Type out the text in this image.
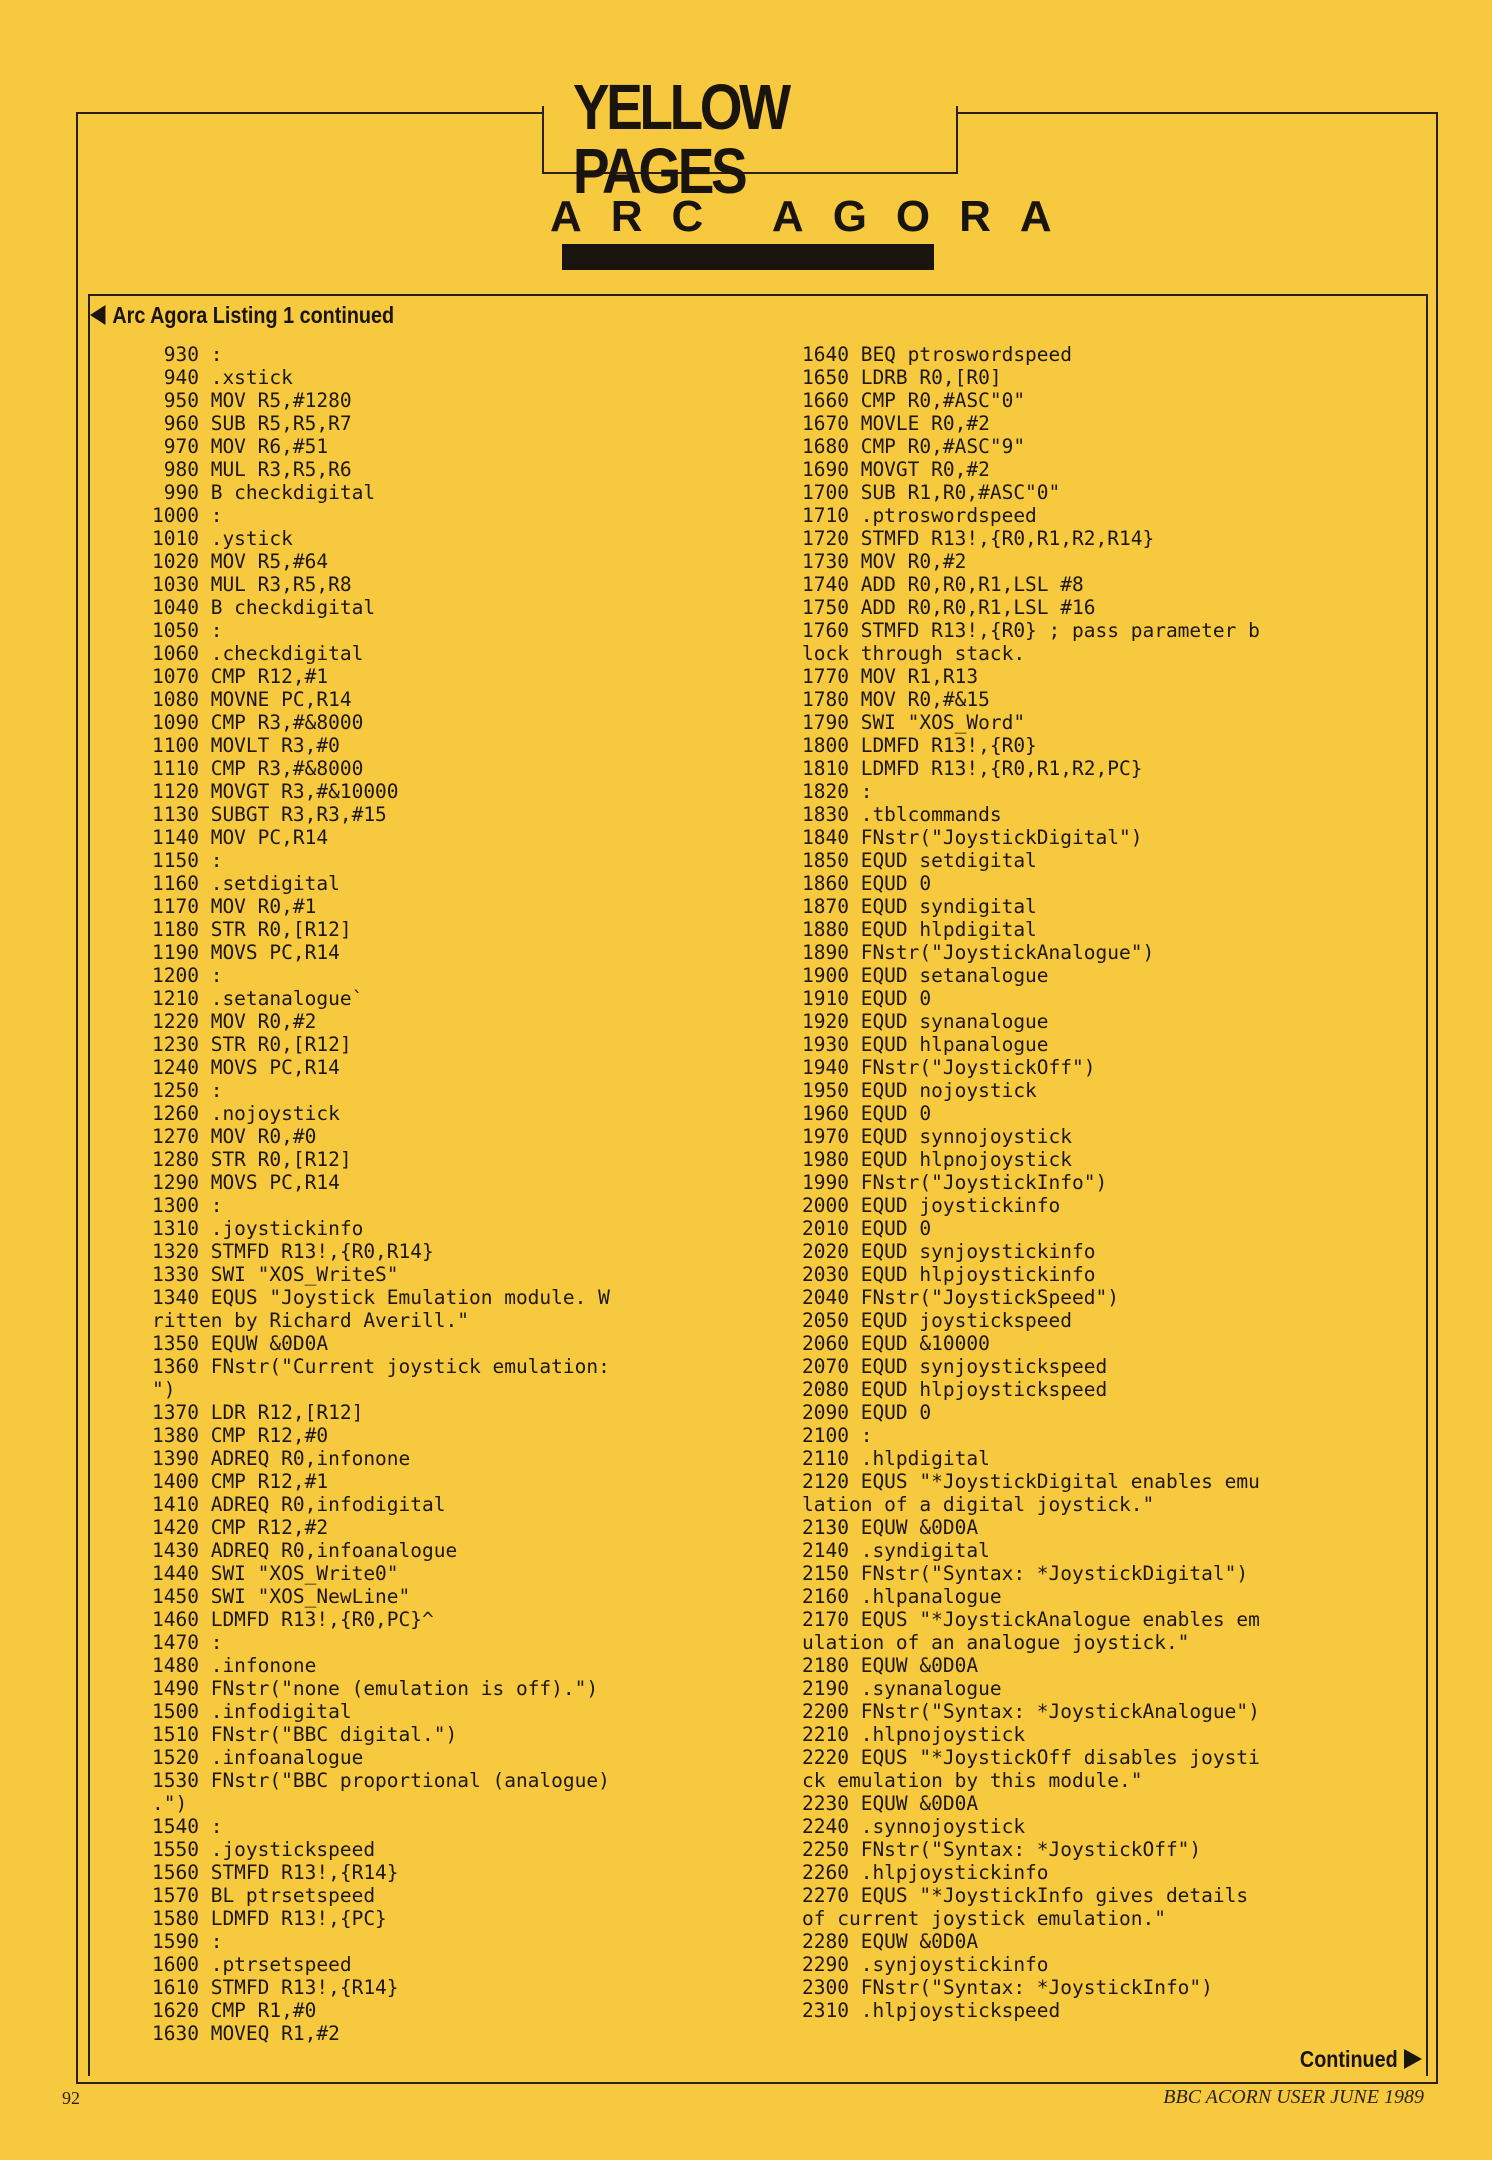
YELLOW PAGES
ARC AGORA
Arc Agora Listing 1 continued
930 :
940 .xstick
950 MOV R5,#1280
960 SUB R5,R5,R7
970 MOV R6,#51
980 MUL R3,R5,R6
990 B checkdigital
1000 :
1010 .ystick
1020 MOV R5,#64
1030 MUL R3,R5,R8
1040 B checkdigital
1050 :
1060 .checkdigital
1070 CMP R12,#1
1080 MOVNE PC,R14
1090 CMP R3,#&8000
1100 MOVLT R3,#0
1110 CMP R3,#&8000
1120 MOVGT R3,#&10000
1130 SUBGT R3,R3,#15
1140 MOV PC,R14
1150 :
1160 .setdigital
1170 MOV R0,#1
1180 STR R0,[R12]
1190 MOVS PC,R14
1200 :
1210 .setanalogue`
1220 MOV R0,#2
1230 STR R0,[R12]
1240 MOVS PC,R14
1250 :
1260 .nojoystick
1270 MOV R0,#0
1280 STR R0,[R12]
1290 MOVS PC,R14
1300 :
1310 .joystickinfo
1320 STMFD R13!,{R0,R14}
1330 SWI "XOS_WriteS"
1340 EQUS "Joystick Emulation module. W
ritten by Richard Averill."
1350 EQUW &0D0A
1360 FNstr("Current joystick emulation:
")
1370 LDR R12,[R12]
1380 CMP R12,#0
1390 ADREQ R0,infonone
1400 CMP R12,#1
1410 ADREQ R0,infodigital
1420 CMP R12,#2
1430 ADREQ R0,infoanalogue
1440 SWI "XOS_Write0"
1450 SWI "XOS_NewLine"
1460 LDMFD R13!,{R0,PC}^
1470 :
1480 .infonone
1490 FNstr("none (emulation is off).")
1500 .infodigital
1510 FNstr("BBC digital.")
1520 .infoanalogue
1530 FNstr("BBC proportional (analogue)
.")
1540 :
1550 .joystickspeed
1560 STMFD R13!,{R14}
1570 BL ptrsetspeed
1580 LDMFD R13!,{PC}
1590 :
1600 .ptrsetspeed
1610 STMFD R13!,{R14}
1620 CMP R1,#0
1630 MOVEQ R1,#2
1640 BEQ ptroswordspeed
1650 LDRB R0,[R0]
1660 CMP R0,#ASC"0"
1670 MOVLE R0,#2
1680 CMP R0,#ASC"9"
1690 MOVGT R0,#2
1700 SUB R1,R0,#ASC"0"
1710 .ptroswordspeed
1720 STMFD R13!,{R0,R1,R2,R14}
1730 MOV R0,#2
1740 ADD R0,R0,R1,LSL #8
1750 ADD R0,R0,R1,LSL #16
1760 STMFD R13!,{R0} ; pass parameter b
lock through stack.
1770 MOV R1,R13
1780 MOV R0,#&15
1790 SWI "XOS_Word"
1800 LDMFD R13!,{R0}
1810 LDMFD R13!,{R0,R1,R2,PC}
1820 :
1830 .tblcommands
1840 FNstr("JoystickDigital")
1850 EQUD setdigital
1860 EQUD 0
1870 EQUD syndigital
1880 EQUD hlpdigital
1890 FNstr("JoystickAnalogue")
1900 EQUD setanalogue
1910 EQUD 0
1920 EQUD synanalogue
1930 EQUD hlpanalogue
1940 FNstr("JoystickOff")
1950 EQUD nojoystick
1960 EQUD 0
1970 EQUD synnojoystick
1980 EQUD hlpnojoystick
1990 FNstr("JoystickInfo")
2000 EQUD joystickinfo
2010 EQUD 0
2020 EQUD synjoystickinfo
2030 EQUD hlpjoystickinfo
2040 FNstr("JoystickSpeed")
2050 EQUD joystickspeed
2060 EQUD &10000
2070 EQUD synjoystickspeed
2080 EQUD hlpjoystickspeed
2090 EQUD 0
2100 :
2110 .hlpdigital
2120 EQUS "*JoystickDigital enables emu
lation of a digital joystick."
2130 EQUW &0D0A
2140 .syndigital
2150 FNstr("Syntax: *JoystickDigital")
2160 .hlpanalogue
2170 EQUS "*JoystickAnalogue enables em
ulation of an analogue joystick."
2180 EQUW &0D0A
2190 .synanalogue
2200 FNstr("Syntax: *JoystickAnalogue")
2210 .hlpnojoystick
2220 EQUS "*JoystickOff disables joysti
ck emulation by this module."
2230 EQUW &0D0A
2240 .synnojoystick
2250 FNstr("Syntax: *JoystickOff")
2260 .hlpjoystickinfo
2270 EQUS "*JoystickInfo gives details
of current joystick emulation."
2280 EQUW &0D0A
2290 .synjoystickinfo
2300 FNstr("Syntax: *JoystickInfo")
2310 .hlpjoystickspeed
Continued
92	BBC ACORN USER JUNE 1989
